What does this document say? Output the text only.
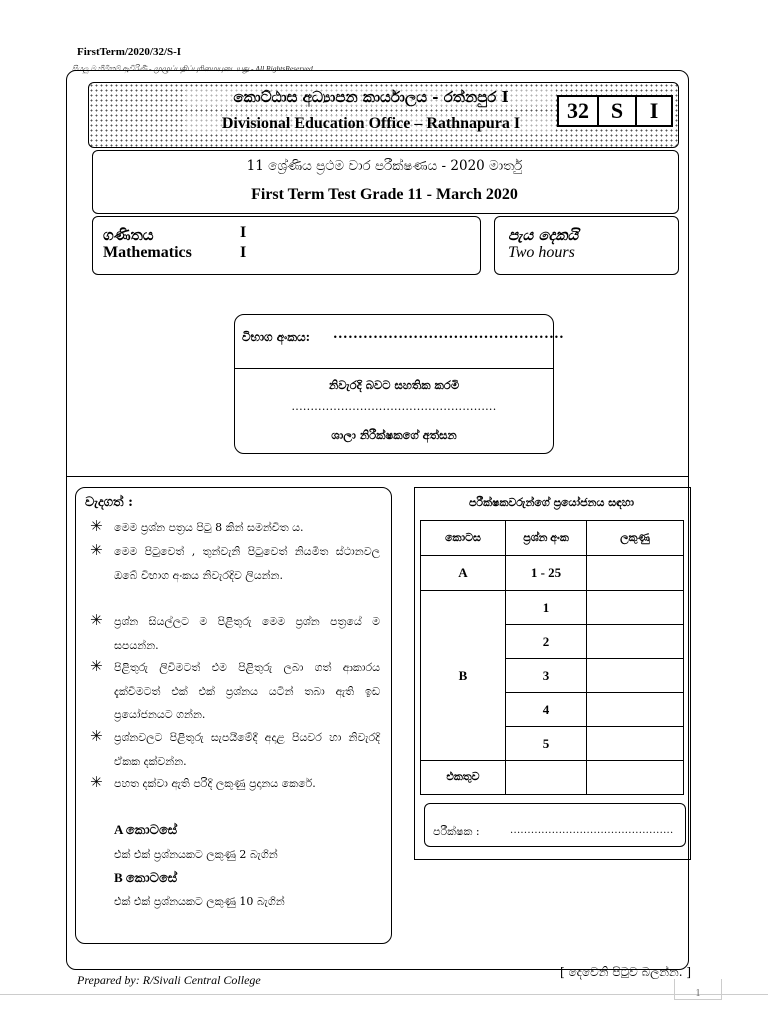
FirstTerm/2020/32/S-I
සියලු ම හිමිකම් ඇවිරිණි - முழுப்பதிப்புரிமையுடையது - All RightsReserved
කොට්ඨාස අධ්‍යාපන කාර්යාලය - රත්නපුර I
Divisional Education Office – Rathnapura I
32 S	I
11 ශ්‍රේණිය ප්‍රථම වාර පරීක්ෂණය - 2020 මාර්තු
First Term Test Grade 11 - March 2020
ගණිතය
Mathematics
I
I
පැය දෙකයි
Two hours
විභාග අංකය: ..............................................
නිවැරදි බවට සහතික කරමි
......................................................
ශාලා නිරීක්ෂකගේ අත්සන
වැදගත් :
✳	මෙම ප්‍රශ්න පත්‍රය පිටු 8 කින් සමන්විත ය.
✳	මෙම පිටුවෙත් , තුන්වැනි පිටුවෙත් නියමිත ස්ථානවල ඔබේ විභාග අංකය නිවැරදිව ලියන්න.
✳	ප්‍රශ්න සියල්ලට ම පිළිතුරු මෙම ප්‍රශ්න පත්‍රයේ ම සපයන්න.
✳	පිළිතුරු ලිවීමටත් එම පිළිතුරු ලබා ගත් ආකාරය දැක්වීමටත් එක් එක් ප්‍රශ්නය යටින් තබා ඇති ඉඩ ප්‍රයෝජනයට ගන්න.
✳	ප්‍රශ්නවලට පිළිතුරු සැපයීමේදී අදාළ පියවර හා නිවැරදි ඒකක දක්වන්න.
✳	පහත දක්වා ඇති පරිදි ලකුණු ප්‍රදානය කෙරේ.
A කොටසේ
එක් එක් ප්‍රශ්නයකට ලකුණු 2 බැගින්
B කොටසේ
එක් එක් ප්‍රශ්නයකට ලකුණු 10 බැගින්
පරීක්ෂකවරුන්ගේ ප්‍රයෝජනය සඳහා
කොටස	ප්‍රශ්න අංක	ලකුණු
A	1 - 25	
B	1	
	2	
	3	
	4	
	5	
එකතුව		
පරීක්ෂක :	...............................................
Prepared by: R/Sivali Central College
[ දෙවෙනි පිටුව බලන්න. ]
1
